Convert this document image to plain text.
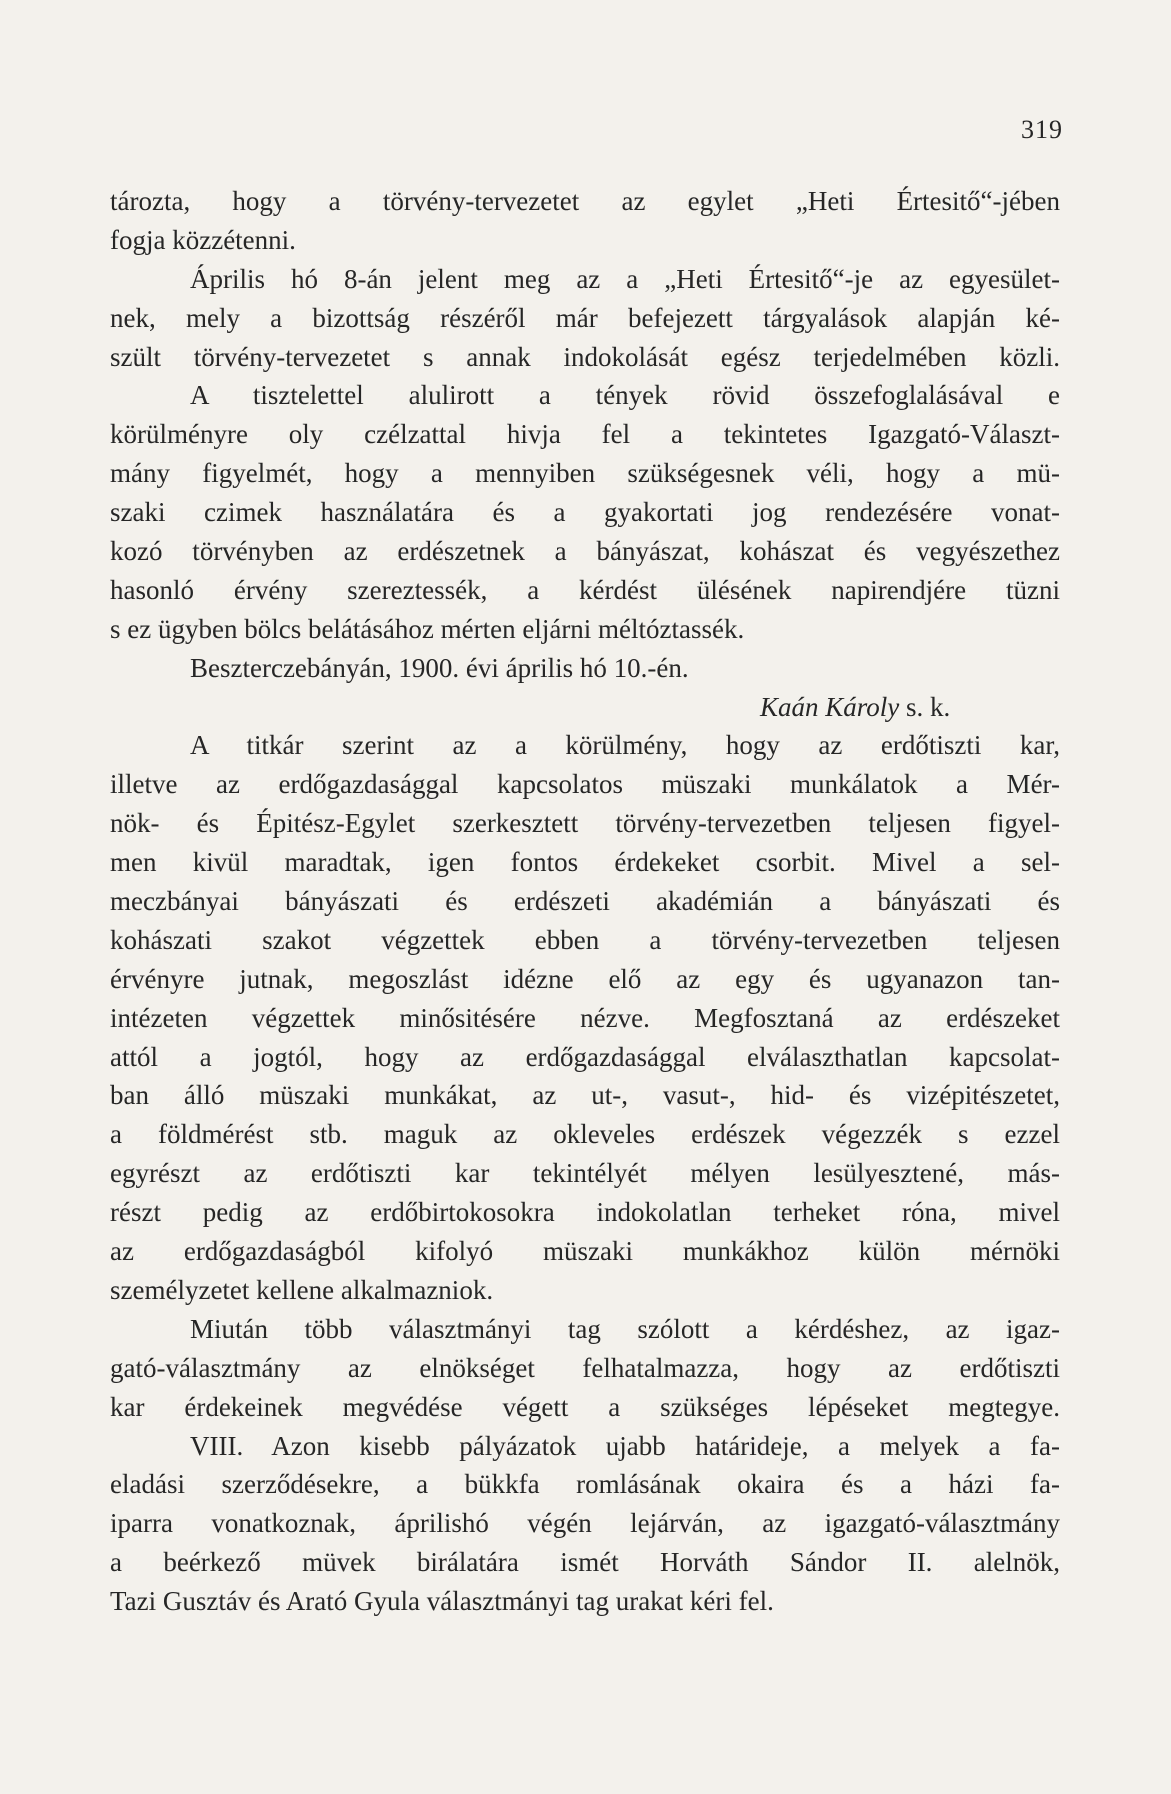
319
tározta, hogy a törvény-tervezetet az egylet „Heti Értesitő“-jében
fogja közzétenni.
Április hó 8-án jelent meg az a „Heti Értesitő“-je az egyesület-
nek, mely a bizottság részéről már befejezett tárgyalások alapján ké-
szült törvény-tervezetet s annak indokolását egész terjedelmében közli.
A tisztelettel alulirott a tények rövid összefoglalásával e
körülményre oly czélzattal hivja fel a tekintetes Igazgató-Választ-
mány figyelmét, hogy a mennyiben szükségesnek véli, hogy a mü-
szaki czimek használatára és a gyakortati jog rendezésére vonat-
kozó törvényben az erdészetnek a bányászat, kohászat és vegyészethez
hasonló érvény szereztessék, a kérdést ülésének napirendjére tüzni
s ez ügyben bölcs belátásához mérten eljárni méltóztassék.
Beszterczebányán, 1900. évi április hó 10.-én.
Kaán Károly s. k.
A titkár szerint az a körülmény, hogy az erdőtiszti kar,
illetve az erdőgazdasággal kapcsolatos müszaki munkálatok a Mér-
nök- és Épitész-Egylet szerkesztett törvény-tervezetben teljesen figyel-
men kivül maradtak, igen fontos érdekeket csorbit. Mivel a sel-
meczbányai bányászati és erdészeti akadémián a bányászati és
kohászati szakot végzettek ebben a törvény-tervezetben teljesen
érvényre jutnak, megoszlást idézne elő az egy és ugyanazon tan-
intézeten végzettek minősitésére nézve. Megfosztaná az erdészeket
attól a jogtól, hogy az erdőgazdasággal elválaszthatlan kapcsolat-
ban álló müszaki munkákat, az ut-, vasut-, hid- és vizépitészetet,
a földmérést stb. maguk az okleveles erdészek végezzék s ezzel
egyrészt az erdőtiszti kar tekintélyét mélyen lesülyesztené, más-
részt pedig az erdőbirtokosokra indokolatlan terheket róna, mivel
az erdőgazdaságból kifolyó müszaki munkákhoz külön mérnöki
személyzetet kellene alkalmazniok.
Miután több választmányi tag szólott a kérdéshez, az igaz-
gató-választmány az elnökséget felhatalmazza, hogy az erdőtiszti
kar érdekeinek megvédése végett a szükséges lépéseket megtegye.
VIII. Azon kisebb pályázatok ujabb határideje, a melyek a fa-
eladási szerződésekre, a bükkfa romlásának okaira és a házi fa-
iparra vonatkoznak, áprilishó végén lejárván, az igazgató-választmány
a beérkező müvek birálatára ismét Horváth Sándor II. alelnök,
Tazi Gusztáv és Arató Gyula választmányi tag urakat kéri fel.
